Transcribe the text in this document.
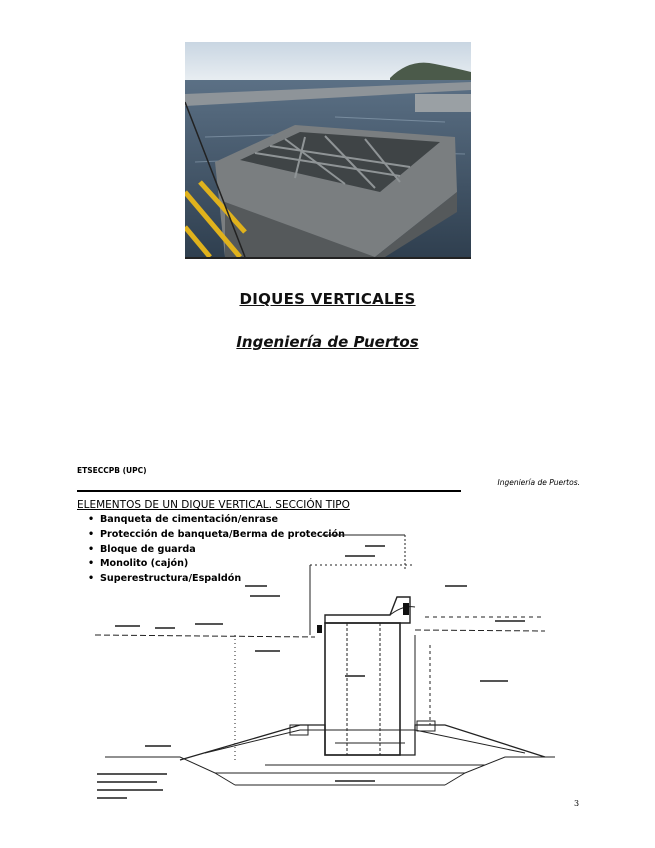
DIQUES VERTICALES
Ingeniería de Puertos
ETSECCPB (UPC)
Ingeniería de Puertos.
ELEMENTOS DE UN DIQUE VERTICAL. SECCIÓN TIPO
• Banqueta de cimentación/enrase
• Protección de banqueta/Berma de protección
• Bloque de guarda
• Monolito (cajón)
• Superestructura/Espaldón
3
